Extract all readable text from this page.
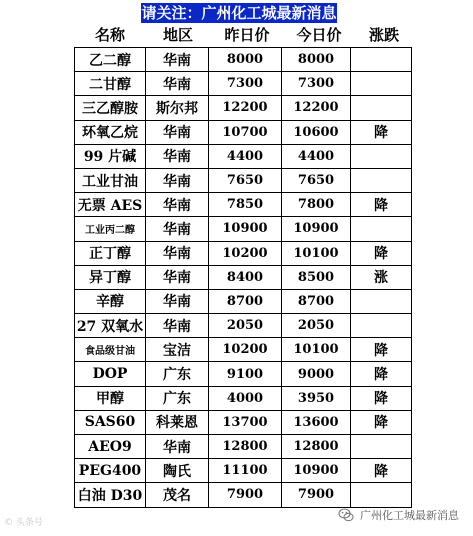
请关注：广州化工城最新消息
名称	地区	昨日价	今日价	涨跌
乙二醇	华南	8000	8000	
二甘醇	华南	7300	7300	
三乙醇胺	斯尔邦	12200	12200	
环氧乙烷	华南	10700	10600	降
99 片碱	华南	4400	4400	
工业甘油	华南	7650	7650	
无票 AES	华南	7850	7800	降
工业丙二醇	华南	10900	10900	
正丁醇	华南	10200	10100	降
异丁醇	华南	8400	8500	涨
辛醇	华南	8700	8700	
27 双氧水	华南	2050	2050	
食品级甘油	宝洁	10200	10100	降
DOP	广东	9100	9000	降
甲醇	广东	4000	3950	降
SAS60	科莱恩	13700	13600	降
AEO9	华南	12800	12800	
PEG400	陶氏	11100	10900	降
白油 D30	茂名	7900	7900	
© 头条号
广州化工城最新消息
